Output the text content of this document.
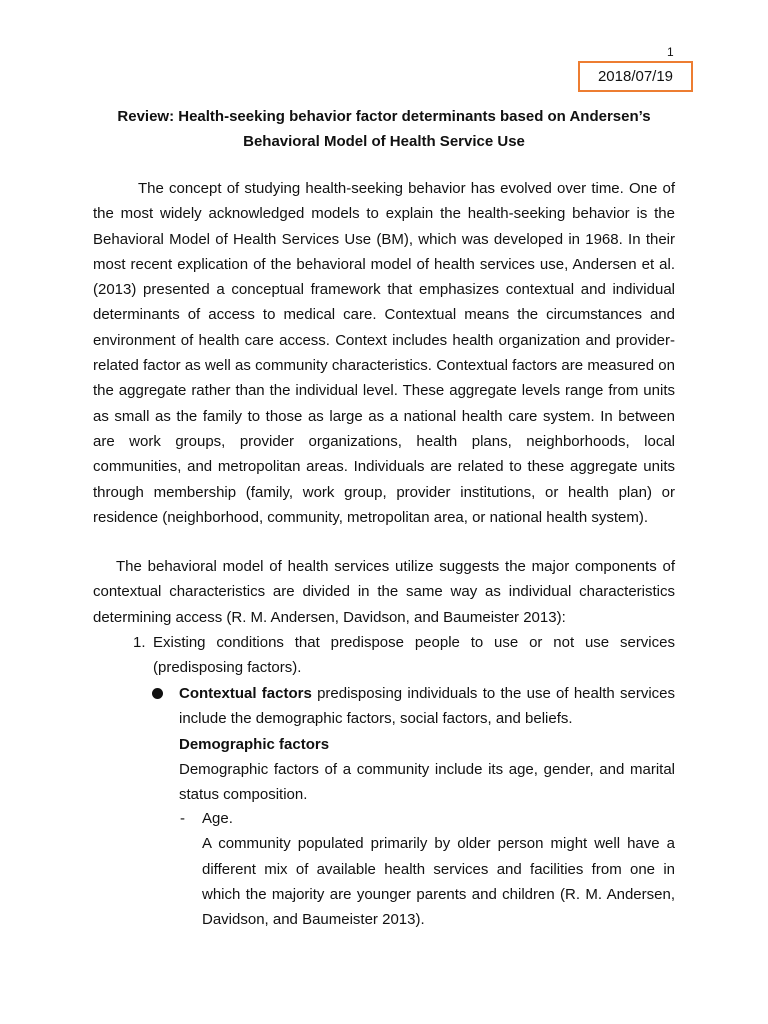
1
2018/07/19
Review: Health-seeking behavior factor determinants based on Andersen’s
Behavioral Model of Health Service Use

The concept of studying health-seeking behavior has evolved over time. One of the most widely acknowledged models to explain the health-seeking behavior is the Behavioral Model of Health Services Use (BM), which was developed in 1968. In their most recent explication of the behavioral model of health services use, Andersen et al. (2013) presented a conceptual framework that emphasizes contextual and individual determinants of access to medical care. Contextual means the circumstances and environment of health care access. Context includes health organization and provider-related factor as well as community characteristics. Contextual factors are measured on the aggregate rather than the individual level. These aggregate levels range from units as small as the family to those as large as a national health care system. In between are work groups, provider organizations, health plans, neighborhoods, local communities, and metropolitan areas. Individuals are related to these aggregate units through membership (family, work group, provider institutions, or health plan) or residence (neighborhood, community, metropolitan area, or national health system).

The behavioral model of health services utilize suggests the major components of contextual characteristics are divided in the same way as individual characteristics determining access (R. M. Andersen, Davidson, and Baumeister 2013):

1. Existing conditions that predispose people to use or not use services (predisposing factors).

Contextual factors predisposing individuals to the use of health services include the demographic factors, social factors, and beliefs.

Demographic factors

Demographic factors of a community include its age, gender, and marital status composition.

- Age.

A community populated primarily by older person might well have a different mix of available health services and facilities from one in which the majority are younger parents and children (R. M. Andersen, Davidson, and Baumeister 2013).
